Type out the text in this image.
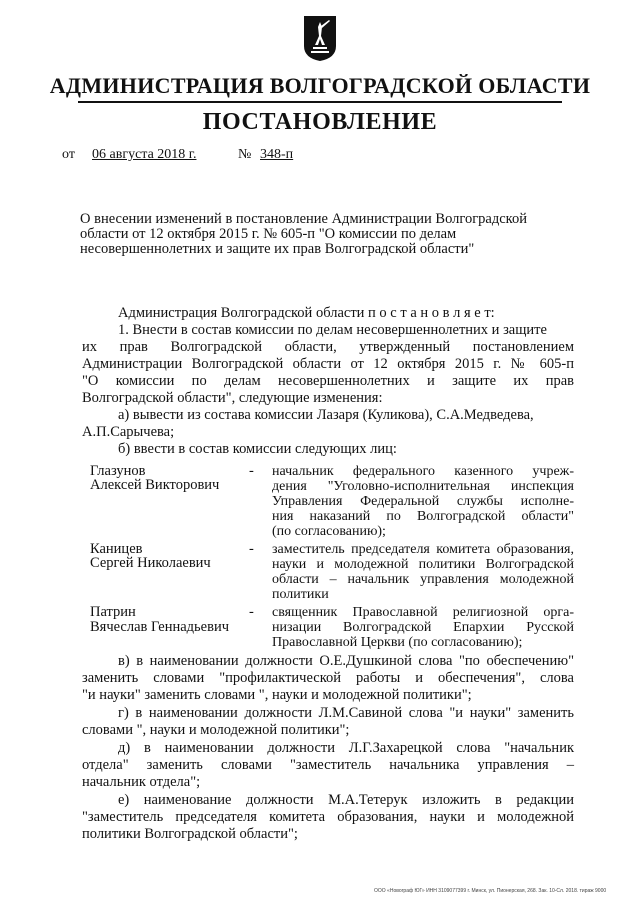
АДМИНИСТРАЦИЯ ВОЛГОГРАДСКОЙ ОБЛАСТИ
ПОСТАНОВЛЕНИЕ
от	06 августа 2018 г.	№ 348-п
О внесении изменений в постановление Администрации Волгоградской
области от 12 октября 2015 г. № 605-п "О комиссии по делам
несовершеннолетних и защите их прав Волгоградской области"
Администрация Волгоградской области п о с т а н о в л я е т:
1. Внести в состав комиссии по делам несовершеннолетних и защите
их прав Волгоградской области, утвержденный постановлением
Администрации Волгоградской области от 12 октября 2015 г. № 605-п
"О комиссии по делам несовершеннолетних и защите их прав
Волгоградской области", следующие изменения:
а) вывести из состава комиссии Лазаря (Куликова), С.А.Медведева,
А.П.Сарычева;
б) ввести в состав комиссии следующих лиц:
Глазунов
Алексей Викторович
- начальник федерального казенного учреж-
дения "Уголовно-исполнительная инспекция
Управления Федеральной службы исполне-
ния наказаний по Волгоградской области"
(по согласованию);
Каницев
Сергей Николаевич
- заместитель председателя комитета образования,
науки и молодежной политики Волгоградской
области – начальник управления молодежной
политики
Патрин
Вячеслав Геннадьевич
- священник Православной религиозной орга-
низации Волгоградской Епархии Русской
Православной Церкви (по согласованию);
в) в наименовании должности О.Е.Душкиной слова "по обеспечению"
заменить словами "профилактической работы и обеспечения", слова
"и науки" заменить словами ", науки и молодежной политики";
г) в наименовании должности Л.М.Савиной слова "и науки" заменить
словами ", науки и молодежной политики";
д) в наименовании должности Л.Г.Захарецкой слова "начальник
отдела" заменить словами "заместитель начальника управления –
начальник отдела";
е) наименование должности М.А.Тетерук изложить в редакции
"заместитель председателя комитета образования, науки и молодежной
политики Волгоградской области";
ООО «Новограф ЮГ» ИНН 3109077399 г. Минск, ул. Пионерская, 268. Зак. 10-Сл. 2018. тираж 9000
